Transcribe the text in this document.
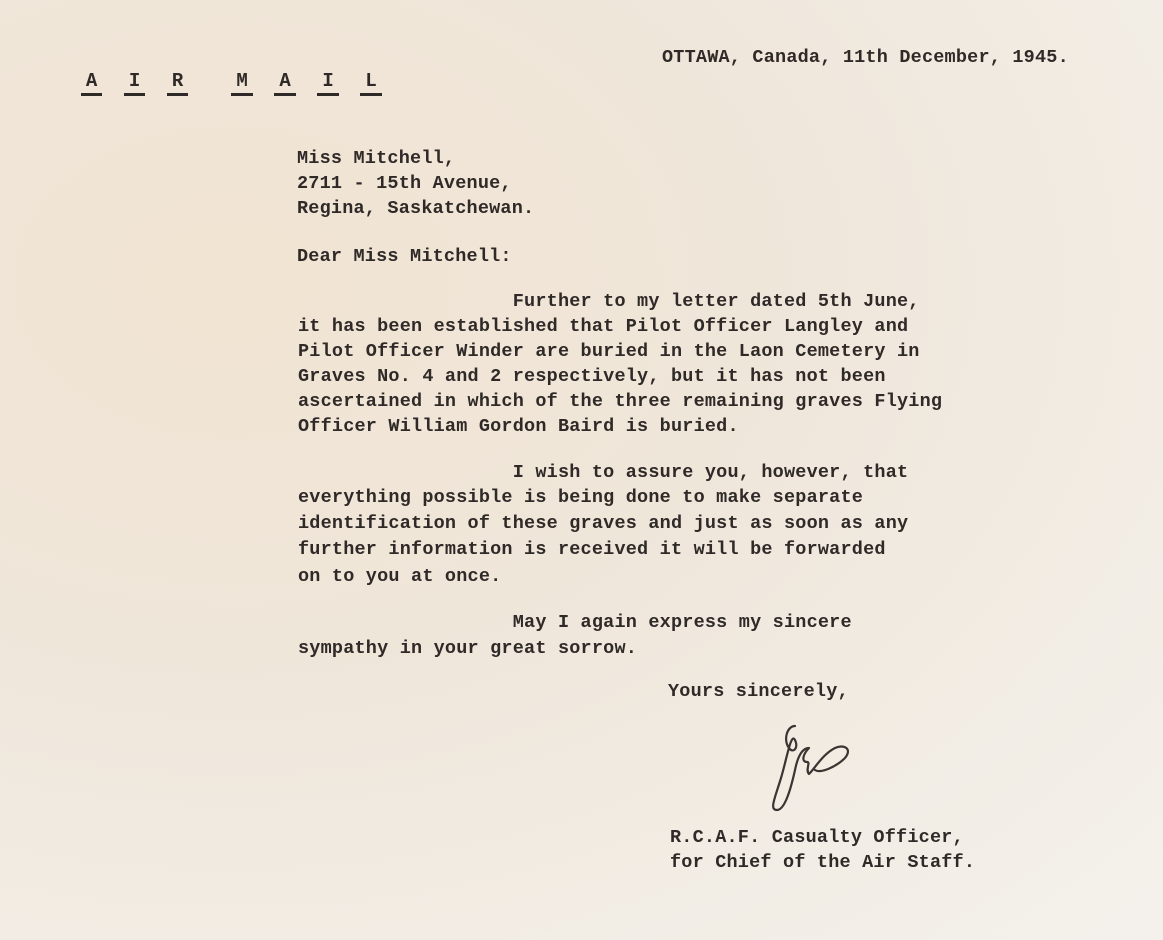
A I R	M A I L

OTTAWA, Canada, 11th December, 1945.
Miss Mitchell,
2711 - 15th Avenue,
Regina, Saskatchewan.
Dear Miss Mitchell:
Further to my letter dated 5th June,
it has been established that Pilot Officer Langley and
Pilot Officer Winder are buried in the Laon Cemetery in
Graves No. 4 and 2 respectively, but it has not been
ascertained in which of the three remaining graves Flying
Officer William Gordon Baird is buried.
I wish to assure you, however, that
everything possible is being done to make separate
identification of these graves and just as soon as any
further information is received it will be forwarded
on to you at once.
May I again express my sincere
sympathy in your great sorrow.
Yours sincerely,
R.C.A.F. Casualty Officer,
for Chief of the Air Staff.
